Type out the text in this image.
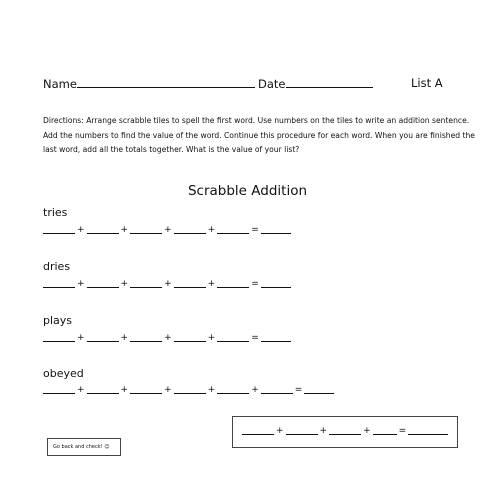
Name	Date	List A
Directions: Arrange scrabble tiles to spell the first word. Use numbers on the tiles to write an addition sentence.
Add the numbers to find the value of the word. Continue this procedure for each word. When you are finished the
last word, add all the totals together. What is the value of your list?
Scrabble Addition
tries
+	+	+	+	=
dries
+	+	+	+	=
plays
+	+	+	+	=
obeyed
+	+	+	+	+	=
+	+	+	=
Go back and check! ☺
